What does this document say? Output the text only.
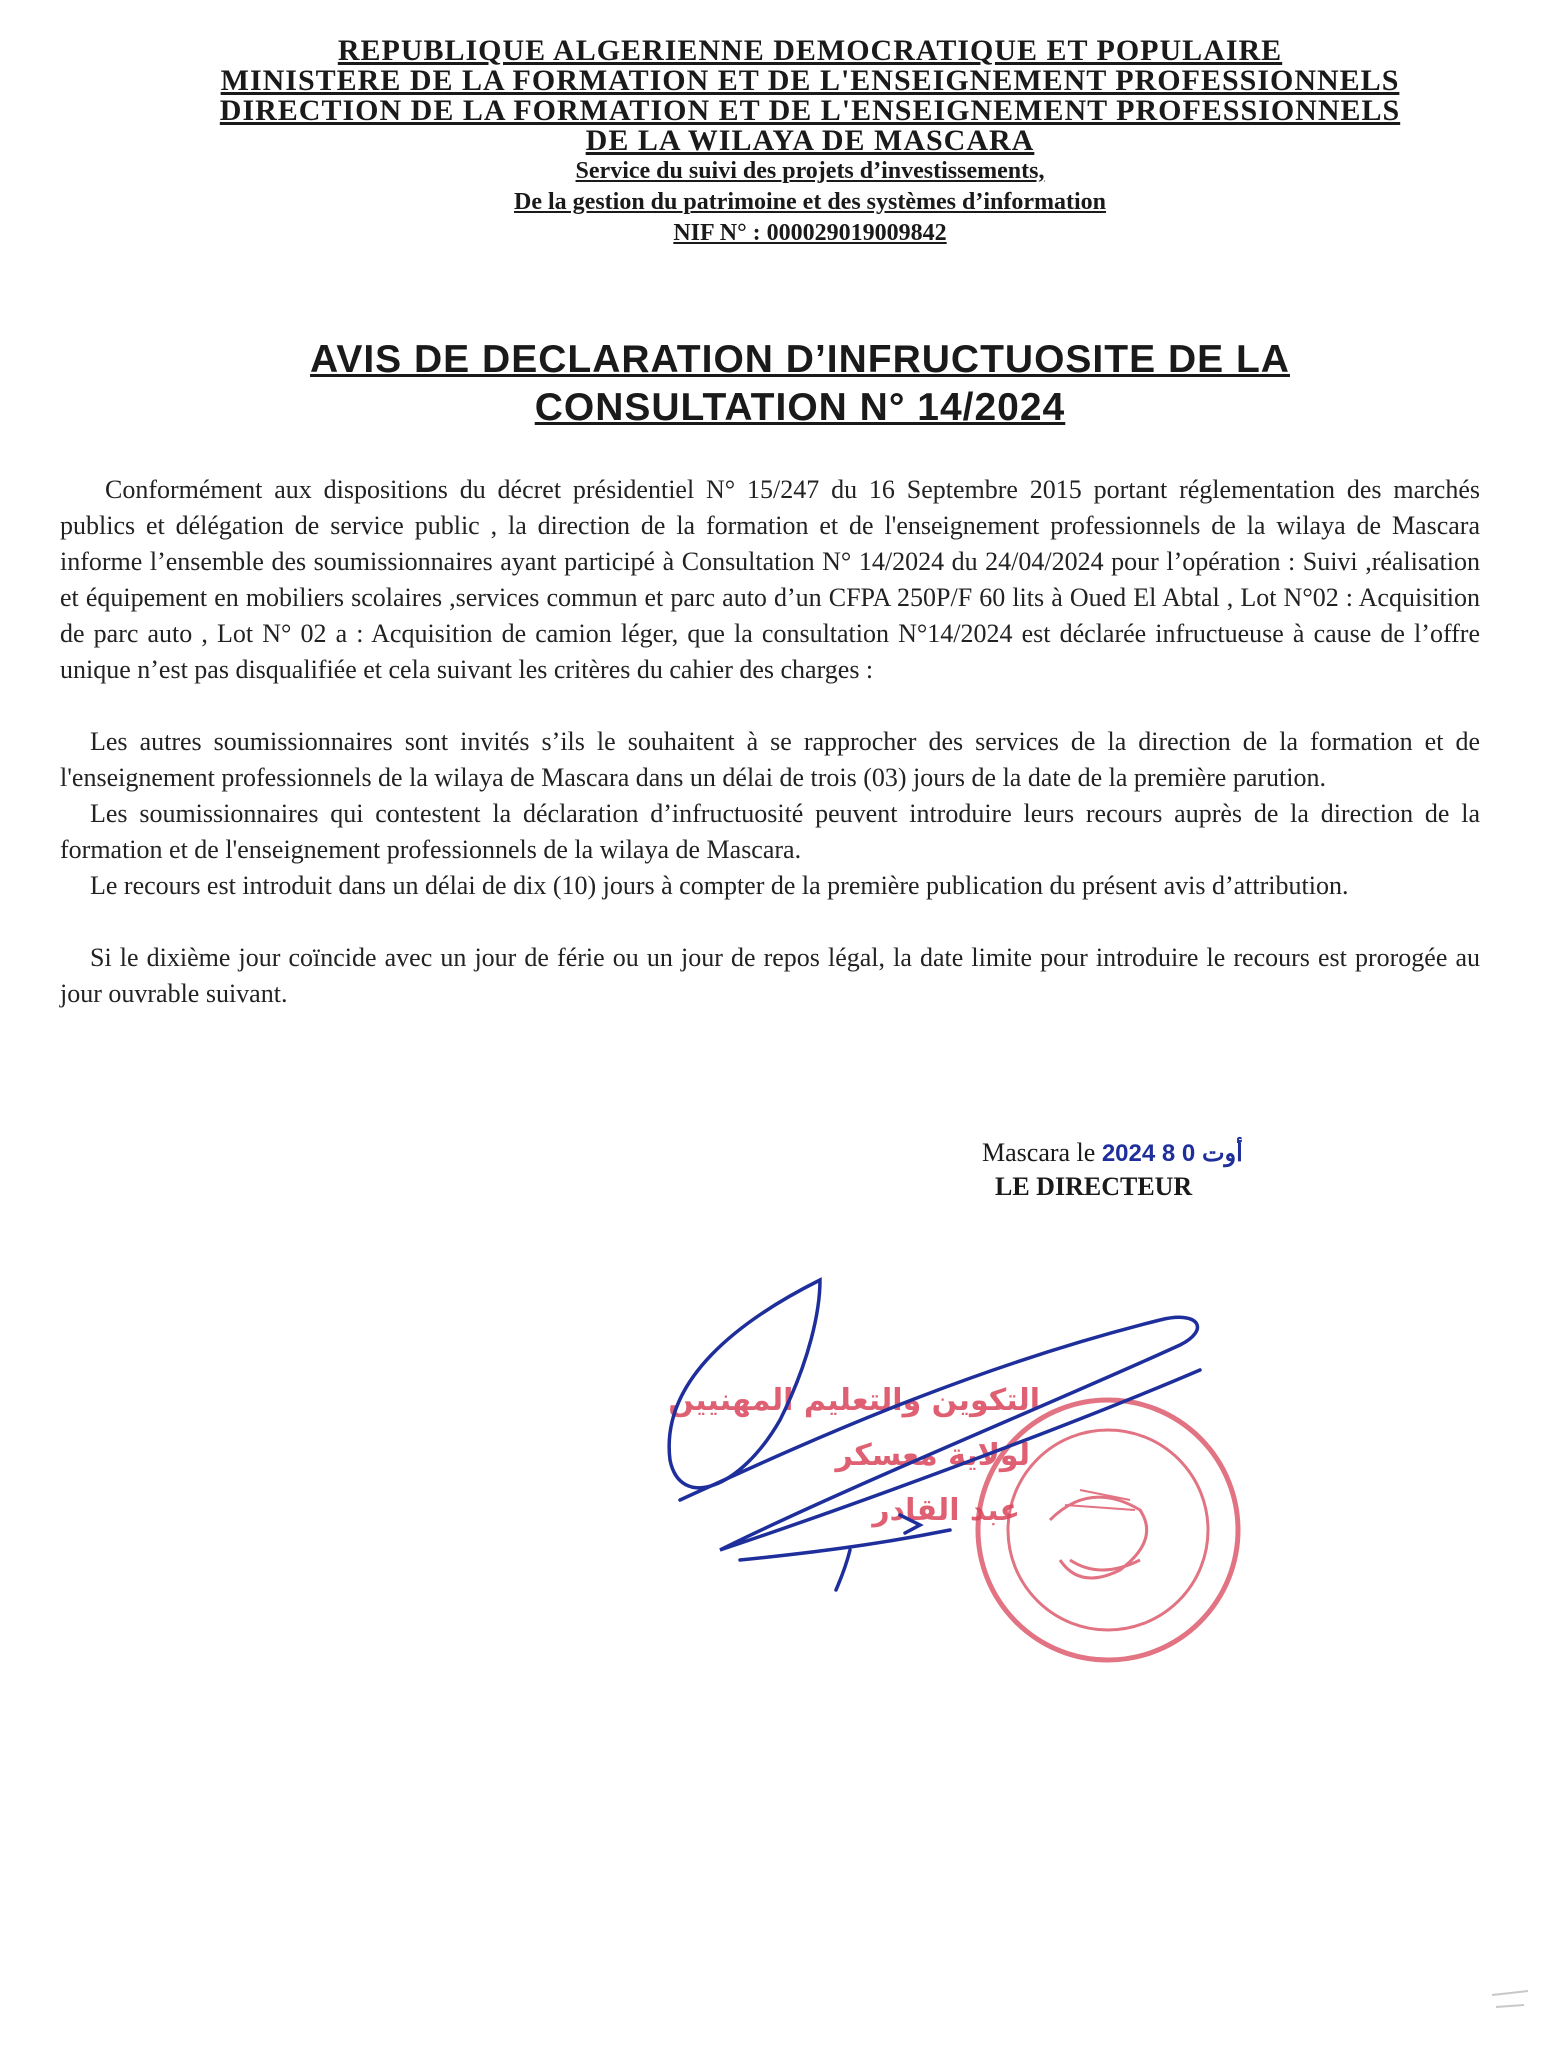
REPUBLIQUE ALGERIENNE DEMOCRATIQUE ET POPULAIRE
MINISTERE DE LA FORMATION ET DE L'ENSEIGNEMENT PROFESSIONNELS
DIRECTION DE LA FORMATION ET DE L'ENSEIGNEMENT PROFESSIONNELS
DE LA WILAYA DE MASCARA
Service du suivi des projets d’investissements,
De la gestion du patrimoine et des systèmes d’information
NIF N° : 000029019009842
AVIS DE DECLARATION D’INFRUCTUOSITE DE LA
CONSULTATION N° 14/2024

Conformément aux dispositions du décret présidentiel N° 15/247 du 16 Septembre 2015 portant réglementation des marchés publics et délégation de service public , la direction de la formation et de l'enseignement professionnels de la wilaya de Mascara informe l’ensemble des soumissionnaires ayant participé à Consultation N° 14/2024 du 24/04/2024 pour l’opération : Suivi ,réalisation et équipement en mobiliers scolaires ,services commun et parc auto d’un CFPA 250P/F 60 lits à Oued El Abtal , Lot N°02 : Acquisition de parc auto , Lot N° 02 a : Acquisition de camion léger, que la consultation N°14/2024 est déclarée infructueuse à cause de l’offre unique n’est pas disqualifiée et cela suivant les critères du cahier des charges :

Les autres soumissionnaires sont invités s’ils le souhaitent à se rapprocher des services de la direction de la formation et de l'enseignement professionnels de la wilaya de Mascara dans un délai de trois (03) jours de la date de la première parution.

Les soumissionnaires qui contestent la déclaration d’infructuosité peuvent introduire leurs recours auprès de la direction de la formation et de l'enseignement professionnels de la wilaya de Mascara.

Le recours est introduit dans un délai de dix (10) jours à compter de la première publication du présent avis d’attribution.

Si le dixième jour coïncide avec un jour de férie ou un jour de repos légal, la date limite pour introduire le recours est prorogée au jour ouvrable suivant.

Mascara le 2024 أوت 0 8
LE DIRECTEUR
التكوين والتعليم المهنيين
لولاية معسكر
عبد القادر
